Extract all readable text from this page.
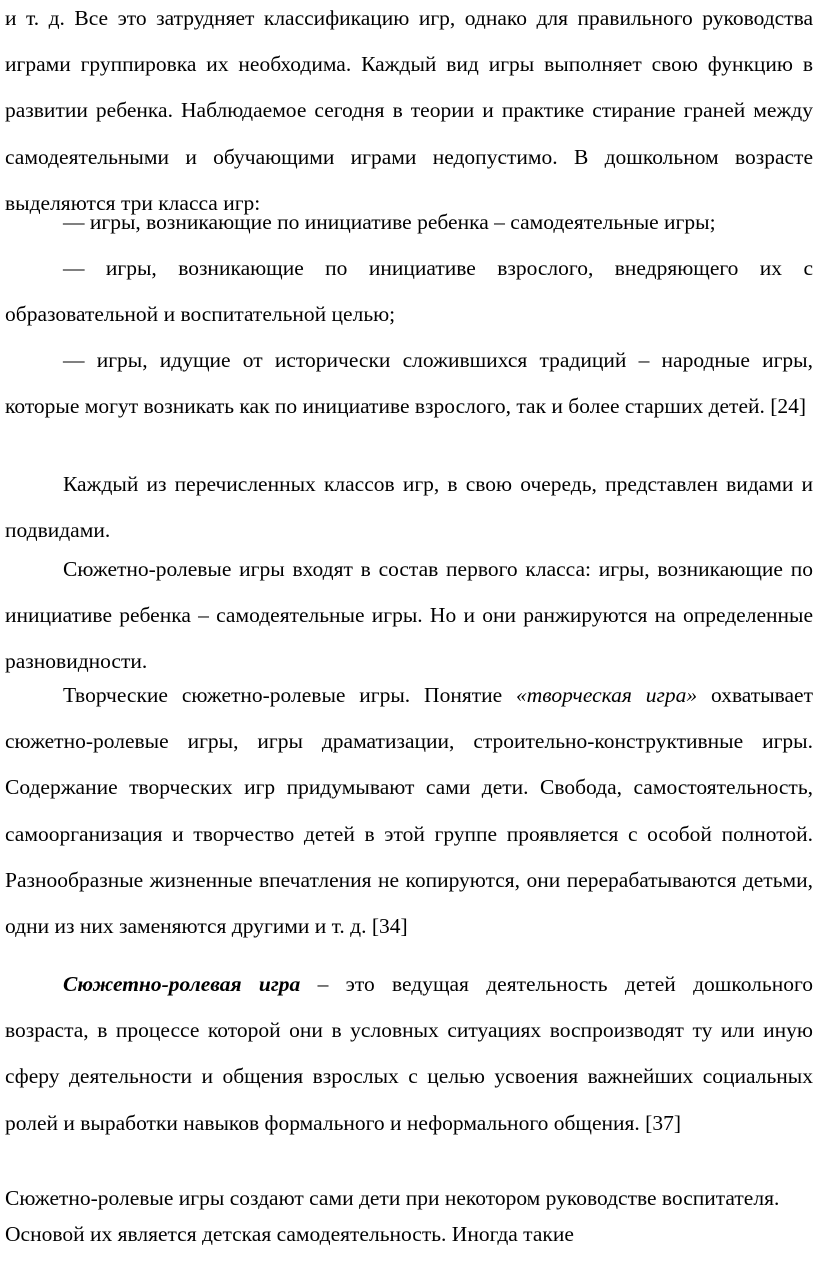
и т. д. Все это затрудняет классификацию игр, однако для правильного руководства играми группировка их необходима. Каждый вид игры выполняет свою функцию в развитии ребенка. Наблюдаемое сегодня в теории и практике стирание граней между самодеятельными и обучающими играми недопустимо. В дошкольном возрасте выделяются три класса игр:

— игры, возникающие по инициативе ребенка – самодеятельные игры;

— игры, возникающие по инициативе взрослого, внедряющего их с образовательной и воспитательной целью;

— игры, идущие от исторически сложившихся традиций – народные игры, которые могут возникать как по инициативе взрослого, так и более старших детей. [24]

Каждый из перечисленных классов игр, в свою очередь, представлен видами и подвидами.

Сюжетно-ролевые игры входят в состав первого класса: игры, возникающие по инициативе ребенка – самодеятельные игры. Но и они ранжируются на определенные разновидности.

Творческие сюжетно-ролевые игры. Понятие «творческая игра» охватывает сюжетно-ролевые игры, игры драматизации, строительно-конструктивные игры. Содержание творческих игр придумывают сами дети. Свобода, самостоятельность, самоорганизация и творчество детей в этой группе проявляется с особой полнотой. Разнообразные жизненные впечатления не копируются, они перерабатываются детьми, одни из них заменяются другими и т. д. [34]

Сюжетно-ролевая игра – это ведущая деятельность детей дошкольного возраста, в процессе которой они в условных ситуациях воспроизводят ту или иную сферу деятельности и общения взрослых с целью усвоения важнейших социальных ролей и выработки навыков формального и неформального общения. [37]

Сюжетно-ролевые игры создают сами дети при некотором руководстве воспитателя. Основой их является детская самодеятельность. Иногда такие
